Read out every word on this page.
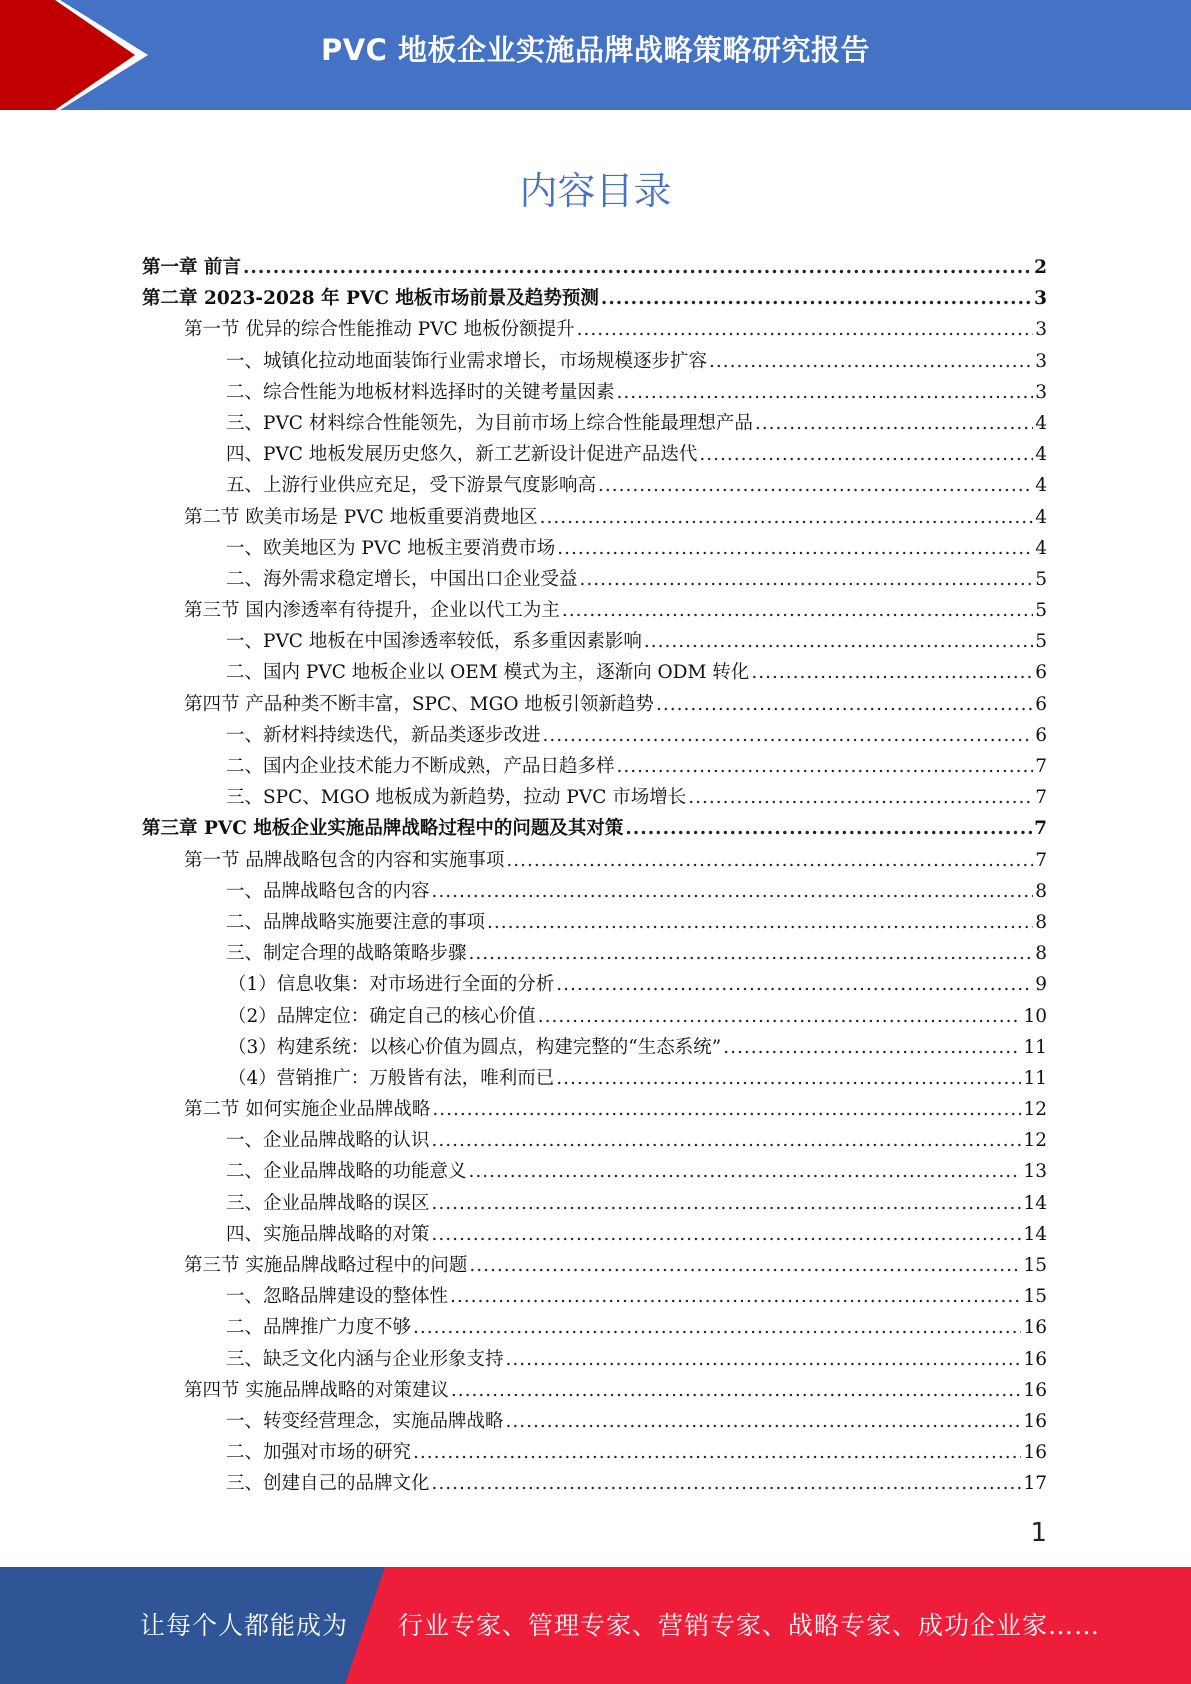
PVC 地板企业实施品牌战略策略研究报告
内容目录
第一章 前言 .....	2
第二章 2023-2028 年 PVC 地板市场前景及趋势预测 .....	3
第一节 优异的综合性能推动 PVC 地板份额提升 .....	3
一、城镇化拉动地面装饰行业需求增长，市场规模逐步扩容 .....	3
二、综合性能为地板材料选择时的关键考量因素 .....	3
三、PVC 材料综合性能领先，为目前市场上综合性能最理想产品 .....	4
四、PVC 地板发展历史悠久，新工艺新设计促进产品迭代 .....	4
五、上游行业供应充足，受下游景气度影响高 .....	4
第二节 欧美市场是 PVC 地板重要消费地区 .....	4
一、欧美地区为 PVC 地板主要消费市场 .....	4
二、海外需求稳定增长，中国出口企业受益 .....	5
第三节 国内渗透率有待提升，企业以代工为主 .....	5
一、PVC 地板在中国渗透率较低，系多重因素影响 .....	5
二、国内 PVC 地板企业以 OEM 模式为主，逐渐向 ODM 转化 .....	6
第四节 产品种类不断丰富，SPC、MGO 地板引领新趋势 .....	6
一、新材料持续迭代，新品类逐步改进 .....	6
二、国内企业技术能力不断成熟，产品日趋多样 .....	7
三、SPC、MGO 地板成为新趋势，拉动 PVC 市场增长 .....	7
第三章 PVC 地板企业实施品牌战略过程中的问题及其对策 .....	7
第一节 品牌战略包含的内容和实施事项 .....	7
一、品牌战略包含的内容 .....	8
二、品牌战略实施要注意的事项 .....	8
三、制定合理的战略策略步骤 .....	8
（1）信息收集：对市场进行全面的分析 .....	9
（2）品牌定位：确定自己的核心价值 .....	10
（3）构建系统：以核心价值为圆点，构建完整的“生态系统” .....	11
（4）营销推广：万般皆有法，唯利而已 .....	11
第二节 如何实施企业品牌战略 .....	12
一、企业品牌战略的认识 .....	12
二、企业品牌战略的功能意义 .....	13
三、企业品牌战略的误区 .....	14
四、实施品牌战略的对策 .....	14
第三节 实施品牌战略过程中的问题 .....	15
一、忽略品牌建设的整体性 .....	15
二、品牌推广力度不够 .....	16
三、缺乏文化内涵与企业形象支持 .....	16
第四节 实施品牌战略的对策建议 .....	16
一、转变经营理念，实施品牌战略 .....	16
二、加强对市场的研究 .....	16
三、创建自己的品牌文化 .....	17
1
让每个人都能成为 行业专家、管理专家、营销专家、战略专家、成功企业家……
